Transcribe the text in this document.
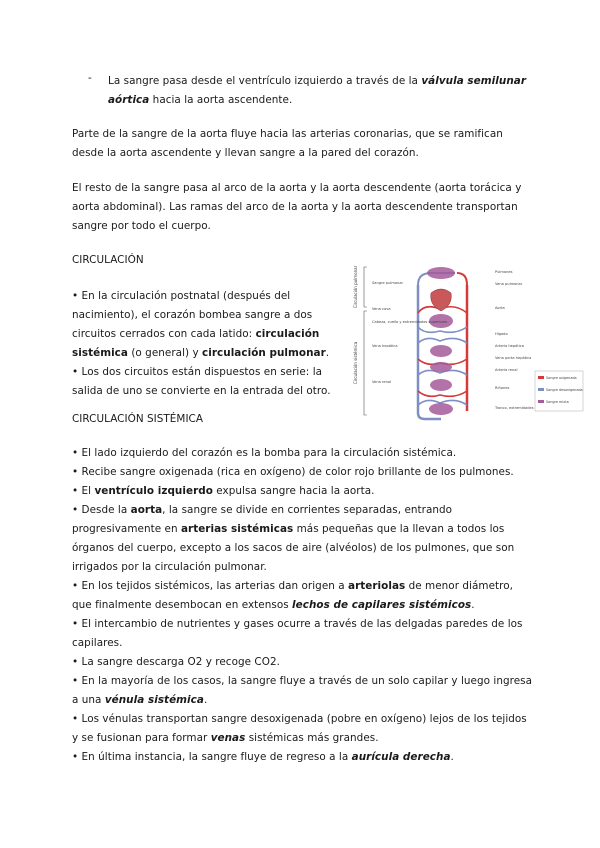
- La sangre pasa desde el ventrículo izquierdo a través de la válvula semilunar aórtica hacia la aorta ascendente.

Parte de la sangre de la aorta fluye hacia las arterias coronarias, que se ramifican desde la aorta ascendente y llevan sangre a la pared del corazón.

El resto de la sangre pasa al arco de la aorta y la aorta descendente (aorta torácica y aorta abdominal). Las ramas del arco de la aorta y la aorta descendente transportan sangre por todo el cuerpo.

CIRCULACIÓN

• En la circulación postnatal (después del nacimiento), el corazón bombea sangre a dos circuitos cerrados con cada latido: circulación sistémica (o general) y circulación pulmonar.

• Los dos circuitos están dispuestos en serie: la salida de uno se convierte en la entrada del otro.

Circulación pulmonar
Circulación sistémica
Sangre pulmonar
Vena cava
Cabeza, cuello y extremidades superiores
Vena hepática
Vena renal
Pulmones
Vena pulmonar
Aorta
Hígado
Arteria hepática
Vena porta hepática
Arteria renal
Riñones
Tronco, extremidades
Sangre oxigenada
Sangre desoxigenada
Sangre mixta

CIRCULACIÓN SISTÉMICA

• El lado izquierdo del corazón es la bomba para la circulación sistémica.

• Recibe sangre oxigenada (rica en oxígeno) de color rojo brillante de los pulmones.

• El ventrículo izquierdo expulsa sangre hacia la aorta.

• Desde la aorta, la sangre se divide en corrientes separadas, entrando progresivamente en arterias sistémicas más pequeñas que la llevan a todos los órganos del cuerpo, excepto a los sacos de aire (alvéolos) de los pulmones, que son irrigados por la circulación pulmonar.

• En los tejidos sistémicos, las arterias dan origen a arteriolas de menor diámetro, que finalmente desembocan en extensos lechos de capilares sistémicos.

• El intercambio de nutrientes y gases ocurre a través de las delgadas paredes de los capilares.

• La sangre descarga O2 y recoge CO2.

• En la mayoría de los casos, la sangre fluye a través de un solo capilar y luego ingresa a una vénula sistémica.

• Los vénulas transportan sangre desoxigenada (pobre en oxígeno) lejos de los tejidos y se fusionan para formar venas sistémicas más grandes.

• En última instancia, la sangre fluye de regreso a la aurícula derecha.
